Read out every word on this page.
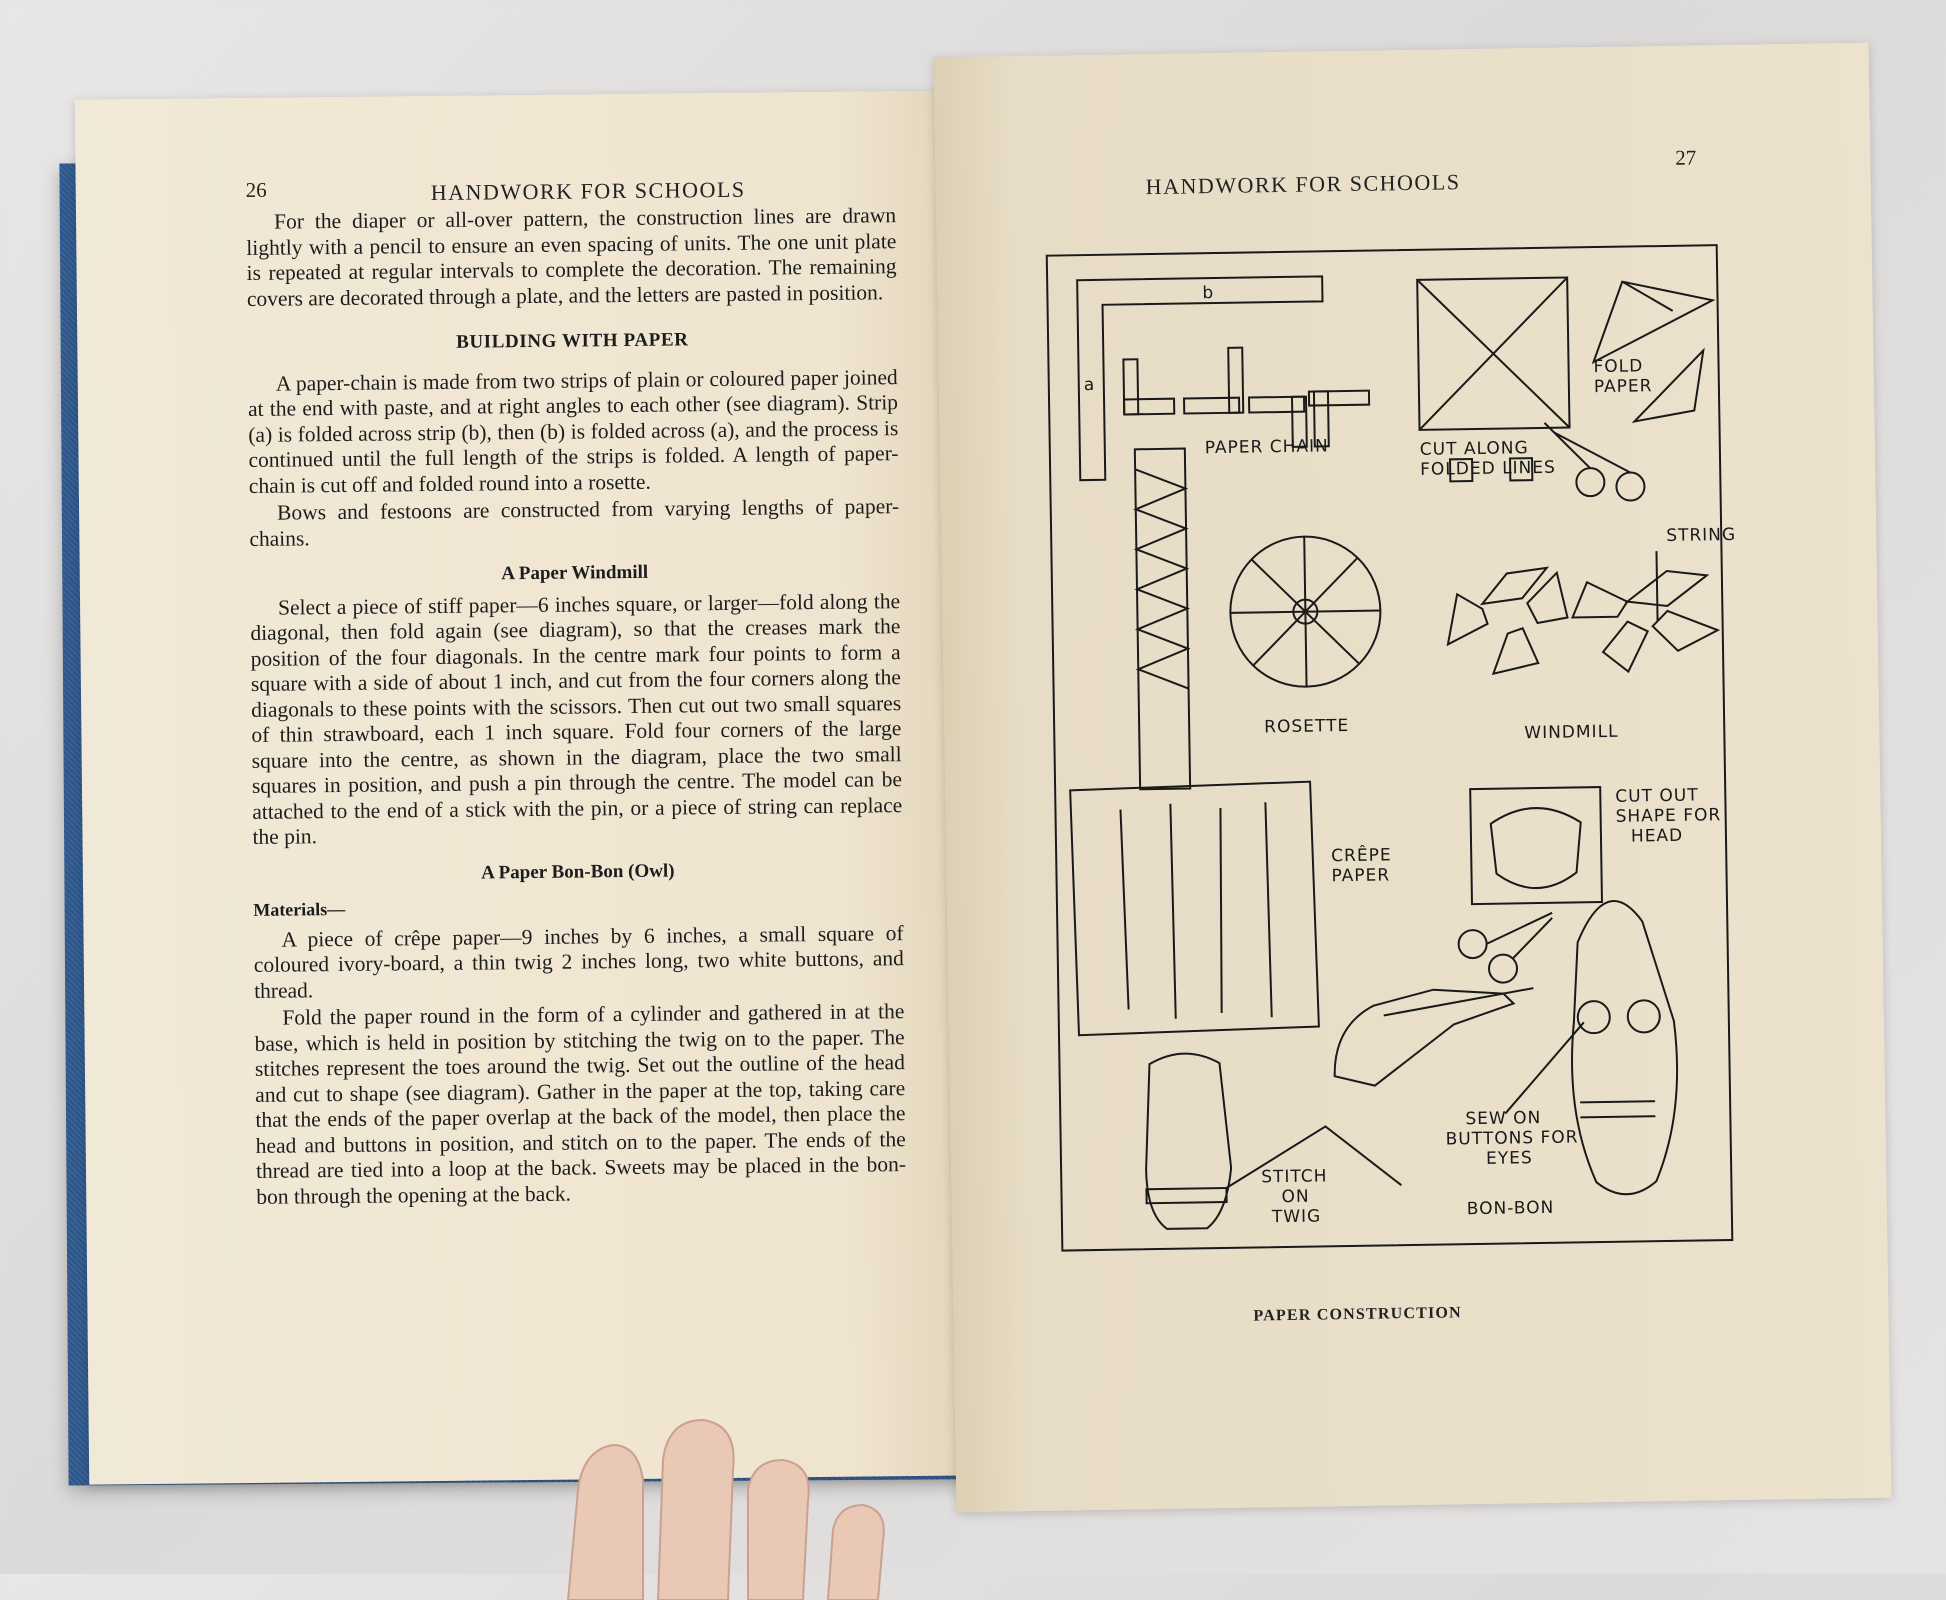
26	HANDWORK FOR SCHOOLS

For the diaper or all-over pattern, the construction lines are drawn lightly with a pencil to ensure an even spacing of units. The one unit plate is repeated at regular intervals to complete the decoration. The remaining covers are decorated through a plate, and the letters are pasted in position.

BUILDING WITH PAPER

A paper-chain is made from two strips of plain or coloured paper joined at the end with paste, and at right angles to each other (see diagram). Strip (a) is folded across strip (b), then (b) is folded across (a), and the process is continued until the full length of the strips is folded. A length of paper-chain is cut off and folded round into a rosette.

Bows and festoons are constructed from varying lengths of paper-chains.

A Paper Windmill

Select a piece of stiff paper—6 inches square, or larger—fold along the diagonal, then fold again (see diagram), so that the creases mark the position of the four diagonals. In the centre mark four points to form a square with a side of about 1 inch, and cut from the four corners along the diagonals to these points with the scissors. Then cut out two small squares of thin strawboard, each 1 inch square. Fold four corners of the large square into the centre, as shown in the diagram, place the two small squares in position, and push a pin through the centre. The model can be attached to the end of a stick with the pin, or a piece of string can replace the pin.

A Paper Bon-Bon (Owl)
Materials—

A piece of crêpe paper—9 inches by 6 inches, a small square of coloured ivory-board, a thin twig 2 inches long, two white buttons, and thread.

Fold the paper round in the form of a cylinder and gathered in at the base, which is held in position by stitching the twig on to the paper. The stitches represent the toes around the twig. Set out the outline of the head and cut to shape (see diagram). Gather in the paper at the top, taking care that the ends of the paper overlap at the back of the model, then place the head and buttons in position, and stitch on to the paper. The ends of the thread are tied into a loop at the back. Sweets may be placed in the bon-bon through the opening at the back.

HANDWORK FOR SCHOOLS
27
b
a
PAPER CHAIN	CUT ALONG
FOLDED LINES
FOLD
PAPER
STRING
ROSETTE	WINDMILL
CRÊPE
PAPER
CUT OUT
SHAPE FOR
HEAD
STITCH
ON
TWIG
SEW ON
BUTTONS FOR
EYES
BON-BON
PAPER CONSTRUCTION
